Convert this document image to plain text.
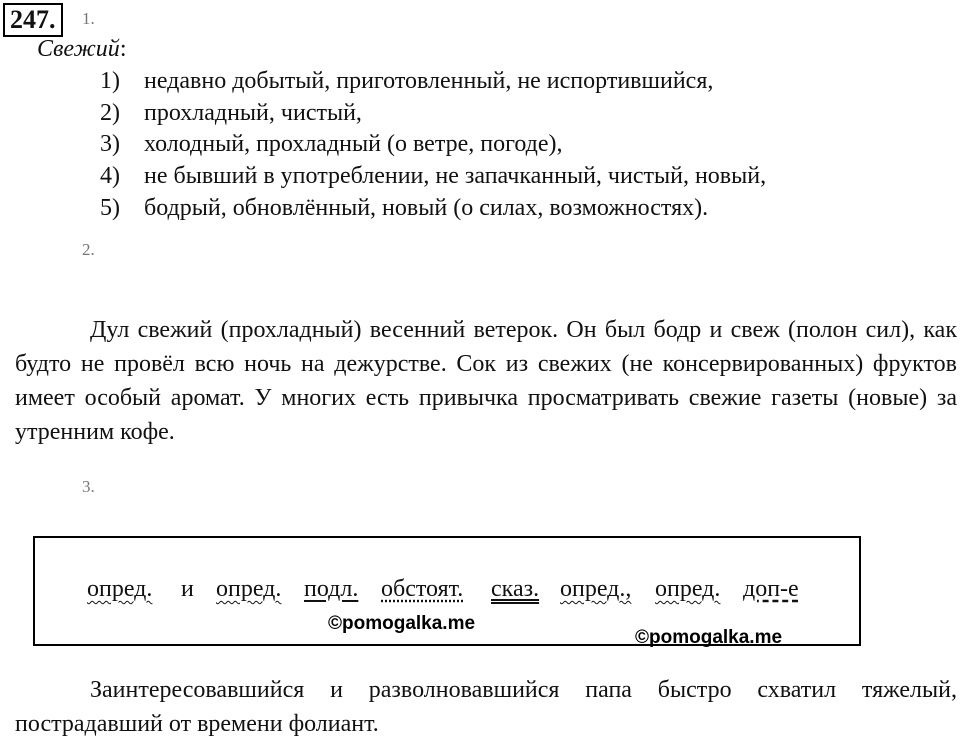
247.	1.
Свежий:
1) недавно добытый, приготовленный, не испортившийся,
2) прохладный, чистый,
3) холодный, прохладный (о ветре, погоде),
4) не бывший в употреблении, не запачканный, чистый, новый,
5) бодрый, обновлённый, новый (о силах, возможностях).
2.

Дул свежий (прохладный) весенний ветерок. Он был бодр и свеж (полон сил), как будто не провёл всю ночь на дежурстве. Сок из свежих (не консервированных) фруктов имеет особый аромат. У многих есть привычка просматривать свежие газеты (новые) за утренним кофе.

3.
опред. и опред. подл. обстоят. сказ. опред., опред. доп-е
©pomogalka.me
©pomogalka.me

Заинтересовавшийся и разволновавшийся папа быстро схватил тяжелый, пострадавший от времени фолиант.
